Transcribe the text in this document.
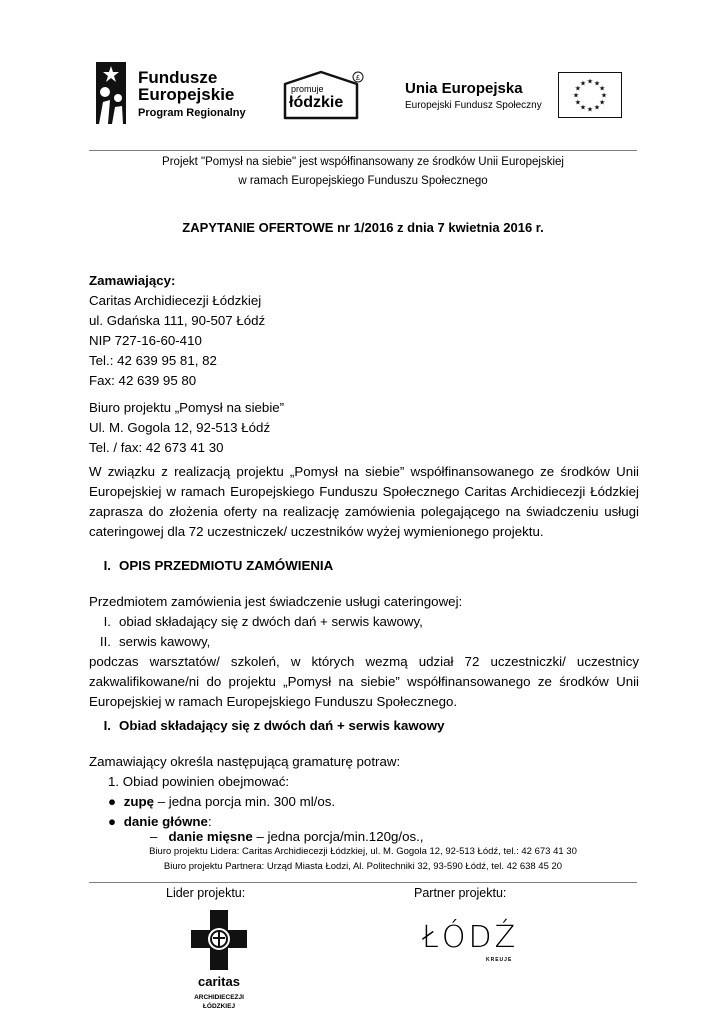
Fundusze
Europejskie
Program Regionalny
£
promuje
łódzkie
Unia Europejska
Europejski Fundusz Społeczny
★
★
★
★
★
★
★
★
★ ★ ★
★
Projekt "Pomysł na siebie" jest współfinansowany ze środków Unii Europejskiej
w ramach Europejskiego Funduszu Społecznego
ZAPYTANIE OFERTOWE nr 1/2016 z dnia 7 kwietnia 2016 r.
Zamawiający:
Caritas Archidiecezji Łódzkiej
ul. Gdańska 111, 90-507 Łódź
NIP 727-16-60-410
Tel.: 42 639 95 81, 82
Fax: 42 639 95 80
Biuro projektu „Pomysł na siebie”
Ul. M. Gogola 12, 92-513 Łódź
Tel. / fax: 42 673 41 30
W związku z realizacją projektu „Pomysł na siebie” współfinansowanego ze środków Unii Europejskiej w ramach Europejskiego Funduszu Społecznego Caritas Archidiecezji Łódzkiej zaprasza do złożenia oferty na realizację zamówienia polegającego na świadczeniu usługi cateringowej dla 72 uczestniczek/ uczestników wyżej wymienionego projektu.
I. OPIS PRZEDMIOTU ZAMÓWIENIA
Przedmiotem zamówienia jest świadczenie usługi cateringowej:
I. obiad składający się z dwóch dań + serwis kawowy,
II. serwis kawowy,
podczas warsztatów/ szkoleń, w których wezmą udział 72 uczestniczki/ uczestnicy zakwalifikowane/ni do projektu „Pomysł na siebie” współfinansowanego ze środków Unii Europejskiej w ramach Europejskiego Funduszu Społecznego.
I. Obiad składający się z dwóch dań + serwis kawowy
Zamawiający określa następującą gramaturę potraw:
1. Obiad powinien obejmować:
● zupę – jedna porcja min. 300 ml/os.
● danie główne:
– danie mięsne – jedna porcja/min.120g/os.,
Biuro projektu Lidera: Caritas Archidiecezji Łódzkiej, ul. M. Gogola 12, 92-513 Łódź, tel.: 42 673 41 30
Biuro projektu Partnera: Urząd Miasta Łodzi, Al. Politechniki 32, 93-590 Łódź, tel. 42 638 45 20
Lider projektu:	Partner projektu:
caritas
ARCHIDIECEZJI
ŁÓDZKIEJ
ŁÓDŹ
KREUJE
